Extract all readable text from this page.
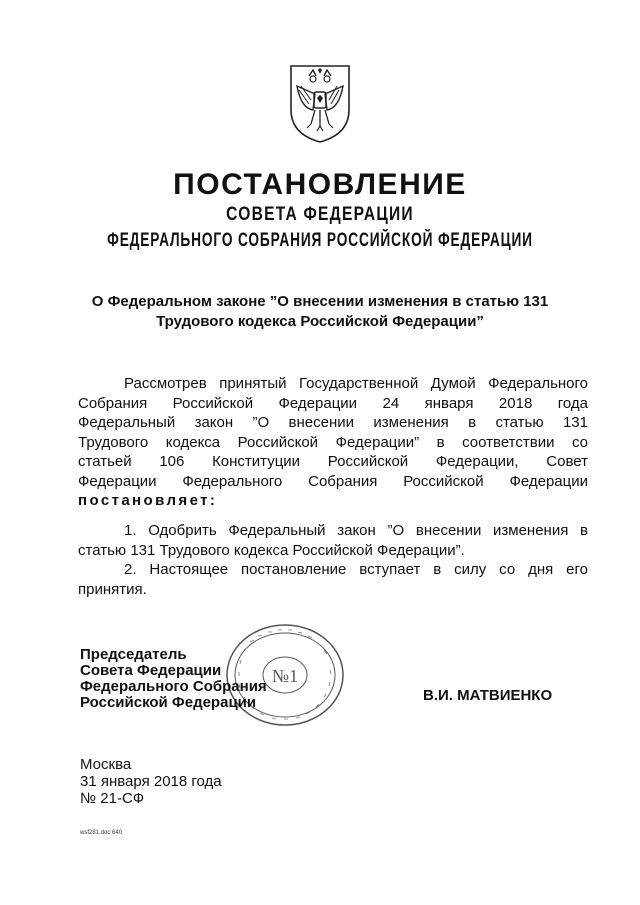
ПОСТАНОВЛЕНИЕ
СОВЕТА ФЕДЕРАЦИИ
ФЕДЕРАЛЬНОГО СОБРАНИЯ РОССИЙСКОЙ ФЕДЕРАЦИИ
О Федеральном законе ”О внесении изменения в статью 131
Трудового кодекса Российской Федерации”
Рассмотрев принятый Государственной Думой Федерального
Собрания Российской Федерации 24 января 2018 года
Федеральный закон ”О внесении изменения в статью 131
Трудового кодекса Российской Федерации” в соответствии со
статьей 106 Конституции Российской Федерации, Совет
Федерации Федерального Собрания Российской Федерации
постановляет:
1. Одобрить Федеральный закон ”О внесении изменения в
статью 131 Трудового кодекса Российской Федерации”.
2. Настоящее постановление вступает в силу со дня его
принятия.
№1
Председатель
Совета Федерации
Федерального Собрания
Российской Федерации	В.И. МАТВИЕНКО
Москва
31 января 2018 года
№ 21-СФ
wsf281.doc 640
